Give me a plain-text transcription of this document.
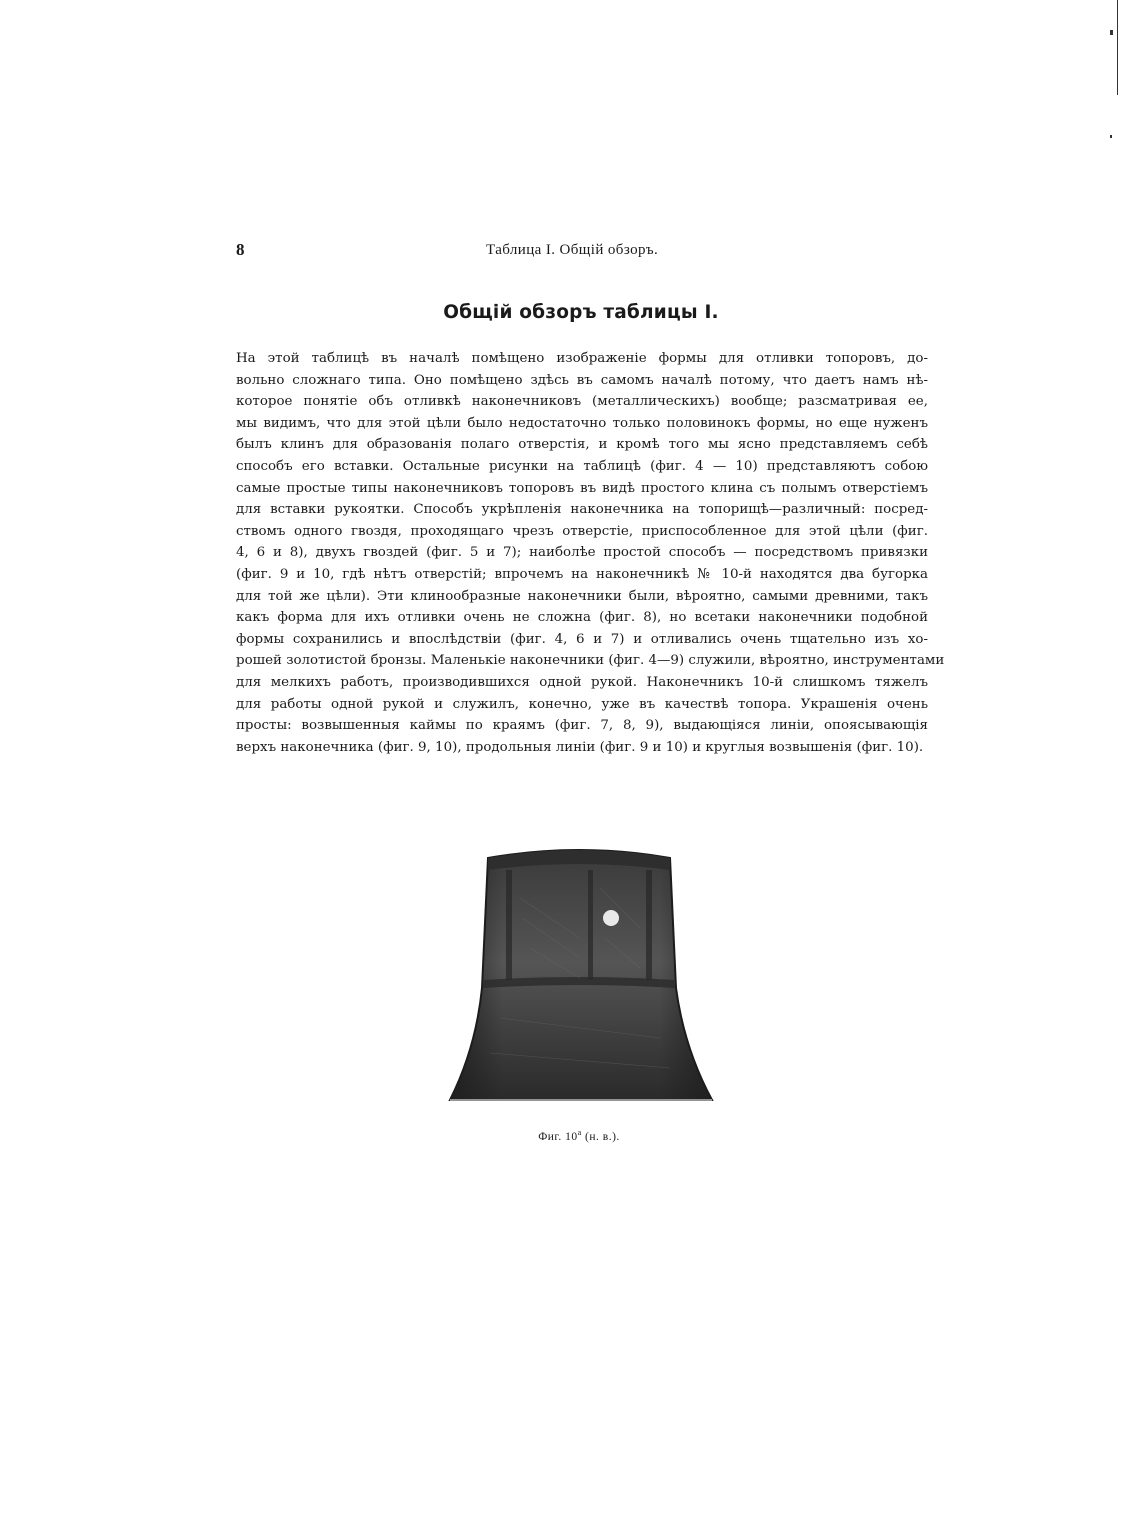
8	Таблица I. Общій обзоръ.
Общій обзоръ таблицы I.
На этой таблицѣ въ началѣ помѣщено изображеніе формы для отливки топоровъ, до-
вольно сложнаго типа. Оно помѣщено здѣсь въ самомъ началѣ потому, что даетъ намъ нѣ-
которое понятіе объ отливкѣ наконечниковъ (металлическихъ) вообще; разсматривая ее,
мы видимъ, что для этой цѣли было недостаточно только половинокъ формы, но еще нуженъ
былъ клинъ для образованія полаго отверстія, и кромѣ того мы ясно представляемъ себѣ
способъ его вставки. Остальные рисунки на таблицѣ (фиг. 4 — 10) представляютъ собою
самые простые типы наконечниковъ топоровъ въ видѣ простого клина съ полымъ отверстіемъ
для вставки рукоятки. Способъ укрѣпленія наконечника на топорищѣ—различный: посред-
ствомъ одного гвоздя, проходящаго чрезъ отверстіе, приспособленное для этой цѣли (фиг.
4, 6 и 8), двухъ гвоздей (фиг. 5 и 7); наиболѣе простой способъ — посредствомъ привязки
(фиг. 9 и 10, гдѣ нѣтъ отверстій; впрочемъ на наконечникѣ № 10-й находятся два бугорка
для той же цѣли). Эти клинообразные наконечники были, вѣроятно, самыми древними, такъ
какъ форма для ихъ отливки очень не сложна (фиг. 8), но всетаки наконечники подобной
формы сохранились и впослѣдствіи (фиг. 4, 6 и 7) и отливались очень тщательно изъ хо-
рошей золотистой бронзы. Маленькіе наконечники (фиг. 4—9) служили, вѣроятно, инструментами
для мелкихъ работъ, производившихся одной рукой. Наконечникъ 10-й слишкомъ тяжелъ
для работы одной рукой и служилъ, конечно, уже въ качествѣ топора. Украшенія очень
просты: возвышенныя каймы по краямъ (фиг. 7, 8, 9), выдающіяся линіи, опоясывающія
верхъ наконечника (фиг. 9, 10), продольныя линіи (фиг. 9 и 10) и круглыя возвышенія (фиг. 10).
Фиг. 10$^a$ (н. в.).
